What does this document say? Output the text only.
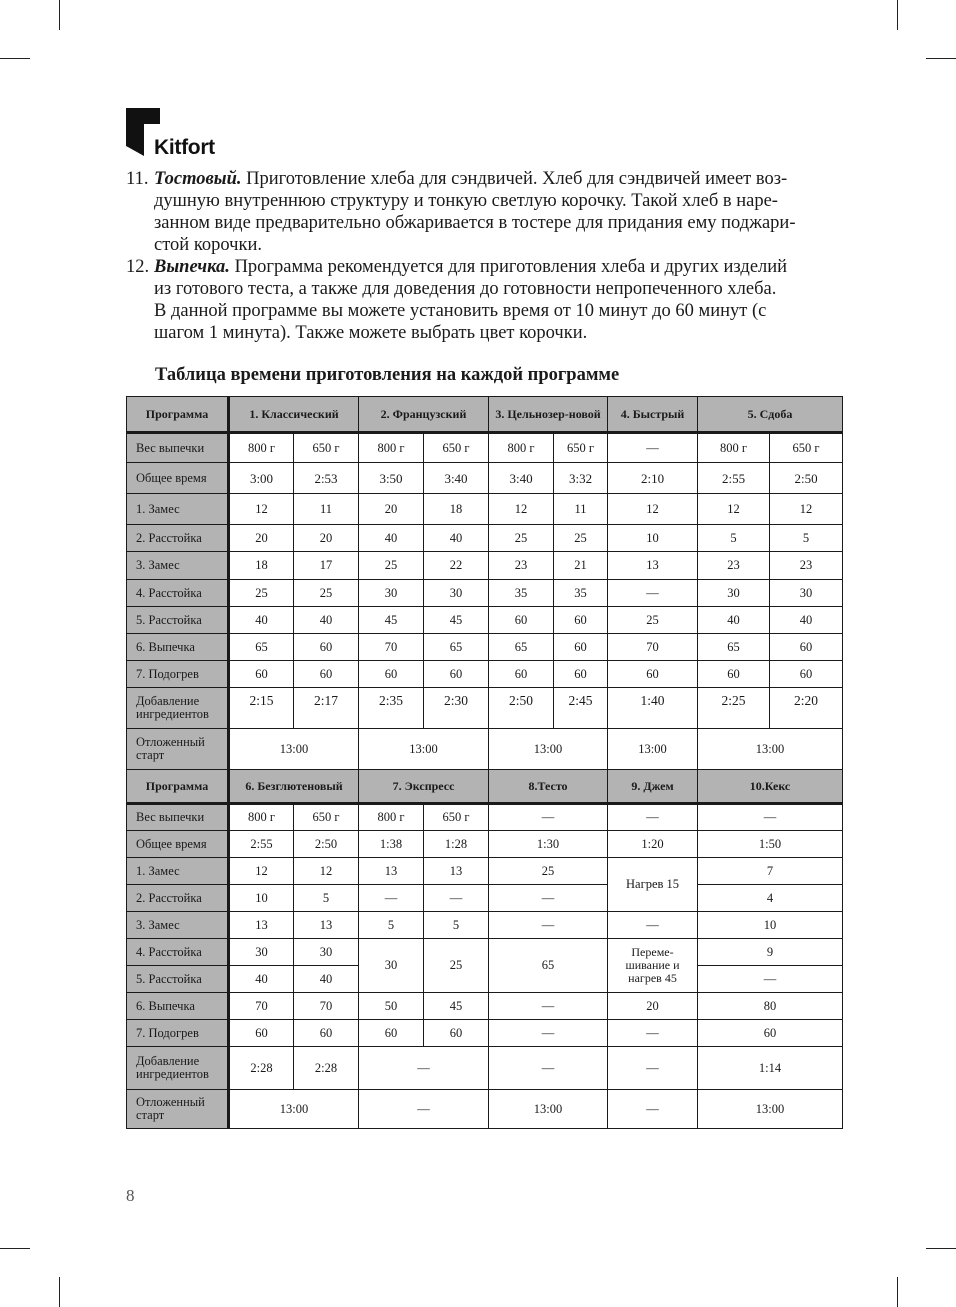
Kitfort
11. Тостовый. Приготовление хлеба для сэндвичей. Хлеб для сэндвичей имеет воз-

душную внутреннюю структуру и тонкую светлую корочку. Такой хлеб в наре-

занном виде предварительно обжаривается в тостере для придания ему поджари-

стой корочки.

12. Выпечка. Программа рекомендуется для приготовления хлеба и других изделий

из готового теста, а также для доведения до готовности непропеченного хлеба.

В данной программе вы можете установить время от 10 минут до 60 минут (с

шагом 1 минута). Также можете выбрать цвет корочки.

Таблица времени приготовления на каждой программе
Программа	1. Классический		2. Французский		3. Цельнозер-новой		4. Быстрый	5. Сдоба	
Вес выпечки	800 г	650 г	800 г	650 г	800 г	650 г	—	800 г	650 г
Общее время	3:00	2:53	3:50	3:40	3:40	3:32	2:10	2:55	2:50
1. Замес	12	11	20	18	12	11	12	12	12
2. Расстойка	20	20	40	40	25	25	10	5	5
3. Замес	18	17	25	22	23	21	13	23	23
4. Расстойка	25	25	30	30	35	35	—	30	30
5. Расстойка	40	40	45	45	60	60	25	40	40
6. Выпечка	65	60	70	65	65	60	70	65	60
7. Подогрев	60	60	60	60	60	60	60	60	60
Добавление ингредиентов	2:15	2:17	2:35	2:30	2:50	2:45	1:40	2:25	2:20
Отложенный старт	13:00		13:00		13:00		13:00	13:00	
Программа	6. Безглютеновый		7. Экспресс		8.Тесто		9. Джем	10.Кекс	
Вес выпечки	800 г	650 г	800 г	650 г	—		—	—	
Общее время	2:55	2:50	1:38	1:28	1:30		1:20	1:50	
1. Замес	12	12	13	13	25		Нагрев 15	7	
2. Расстойка	10	5	—	—	—			4	
3. Замес	13	13	5	5	—		—	10	
4. Расстойка	30	30	30	25	65		Переме-шивание и нагрев 45	9	
5. Расстойка	40	40						—	
6. Выпечка	70	70	50	45	—		20	80	
7. Подогрев	60	60	60	60	—		—	60	
Добавление ингредиентов	2:28	2:28	—		—		—	1:14	
Отложенный старт	13:00		—		13:00		—	13:00	
8
